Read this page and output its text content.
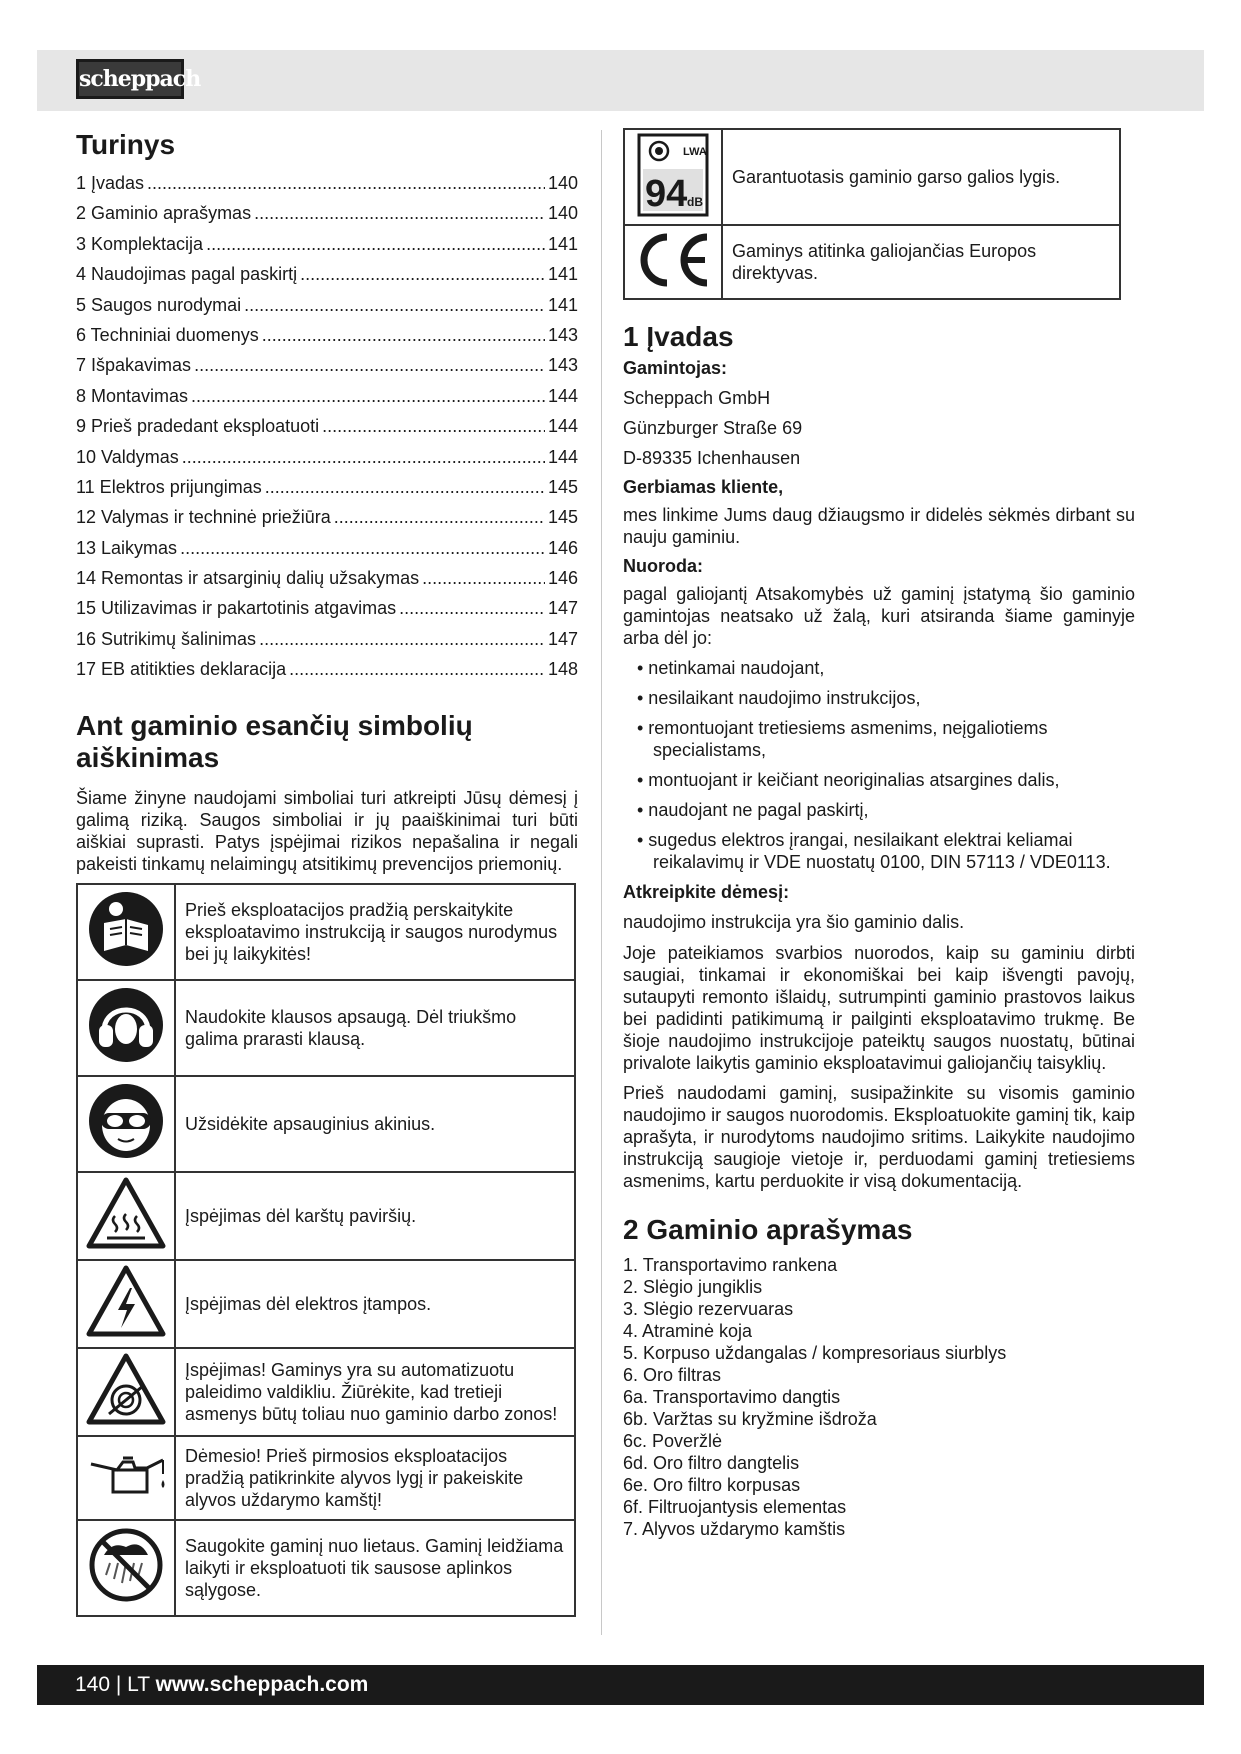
scheppach
Turinys
1 Įvadas .....	140
2 Gaminio aprašymas .....	140
3 Komplektacija .....	141
4 Naudojimas pagal paskirtį .....	141
5 Saugos nurodymai .....	141
6 Techniniai duomenys .....	143
7 Išpakavimas .....	143
8 Montavimas .....	144
9 Prieš pradedant eksploatuoti .....	144
10 Valdymas .....	144
11 Elektros prijungimas .....	145
12 Valymas ir techninė priežiūra .....	145
13 Laikymas .....	146
14 Remontas ir atsarginių dalių užsakymas .....	146
15 Utilizavimas ir pakartotinis atgavimas .....	147
16 Sutrikimų šalinimas .....	147
17 EB atitikties deklaracija .....	148
Ant gaminio esančių simbolių aiškinimas

Šiame žinyne naudojami simboliai turi atkreipti Jūsų dėmesį į galimą riziką. Saugos simboliai ir jų paaiškinimai turi būti aiškiai suprasti. Patys įspėjimai rizikos nepašalina ir negali pakeisti tinkamų nelaimingų atsitikimų prevencijos priemonių.

	Prieš eksploatacijos pradžią perskaitykite eksploatavimo instrukciją ir saugos nurodymus bei jų laikykitės!
	Naudokite klausos apsaugą. Dėl triukšmo galima prarasti klausą.
	Užsidėkite apsauginius akinius.
	Įspėjimas dėl karštų paviršių.
	Įspėjimas dėl elektros įtampos.
	Įspėjimas! Gaminys yra su automatizuotu paleidimo valdikliu. Žiūrėkite, kad tretieji asmenys būtų toliau nuo gaminio darbo zonos!
	Dėmesio! Prieš pirmosios eksploatacijos pradžią patikrinkite alyvos lygį ir pakeiskite alyvos uždarymo kamštį!
	Saugokite gaminį nuo lietaus. Gaminį leidžiama laikyti ir eksploatuoti tik sausose aplinkos sąlygose.
LWA
94 dB	Garantuotasis gaminio garso galios lygis.
	Gaminys atitinka galiojančias Europos direktyvas.
1 Įvadas

Gamintojas:

Scheppach GmbH

Günzburger Straße 69

D-89335 Ichenhausen

Gerbiamas kliente,

mes linkime Jums daug džiaugsmo ir didelės sėkmės dirbant su nauju gaminiu.

Nuoroda:

pagal galiojantį Atsakomybės už gaminį įstatymą šio gaminio gamintojas neatsako už žalą, kuri atsiranda šiame gaminyje arba dėl jo:

• netinkamai naudojant,
• nesilaikant naudojimo instrukcijos,
• remontuojant tretiesiems asmenims, neįgaliotiems specialistams,
• montuojant ir keičiant neoriginalias atsargines dalis,
• naudojant ne pagal paskirtį,
• sugedus elektros įrangai, nesilaikant elektrai keliamai reikalavimų ir VDE nuostatų 0100, DIN 57113 / VDE0113.

Atkreipkite dėmesį:

naudojimo instrukcija yra šio gaminio dalis.

Joje pateikiamos svarbios nuorodos, kaip su gaminiu dirbti saugiai, tinkamai ir ekonomiškai bei kaip išvengti pavojų, sutaupyti remonto išlaidų, sutrumpinti gaminio prastovos laikus bei padidinti patikimumą ir pailginti eksploatavimo trukmę. Be šioje naudojimo instrukcijoje pateiktų saugos nuostatų, būtinai privalote laikytis gaminio eksploatavimui galiojančių taisyklių.

Prieš naudodami gaminį, susipažinkite su visomis gaminio naudojimo ir saugos nuorodomis. Eksploatuokite gaminį tik, kaip aprašyta, ir nurodytoms naudojimo sritims. Laikykite naudojimo instrukciją saugioje vietoje ir, perduodami gaminį tretiesiems asmenims, kartu perduokite ir visą dokumentaciją.

2 Gaminio aprašymas
1. Transportavimo rankena
2. Slėgio jungiklis
3. Slėgio rezervuaras
4. Atraminė koja
5. Korpuso uždangalas / kompresoriaus siurblys
6. Oro filtras
6a. Transportavimo dangtis
6b. Varžtas su kryžmine išdroža
6c. Poveržlė
6d. Oro filtro dangtelis
6e. Oro filtro korpusas
6f. Filtruojantysis elementas
7. Alyvos uždarymo kamštis
140 | LT www.scheppach.com
